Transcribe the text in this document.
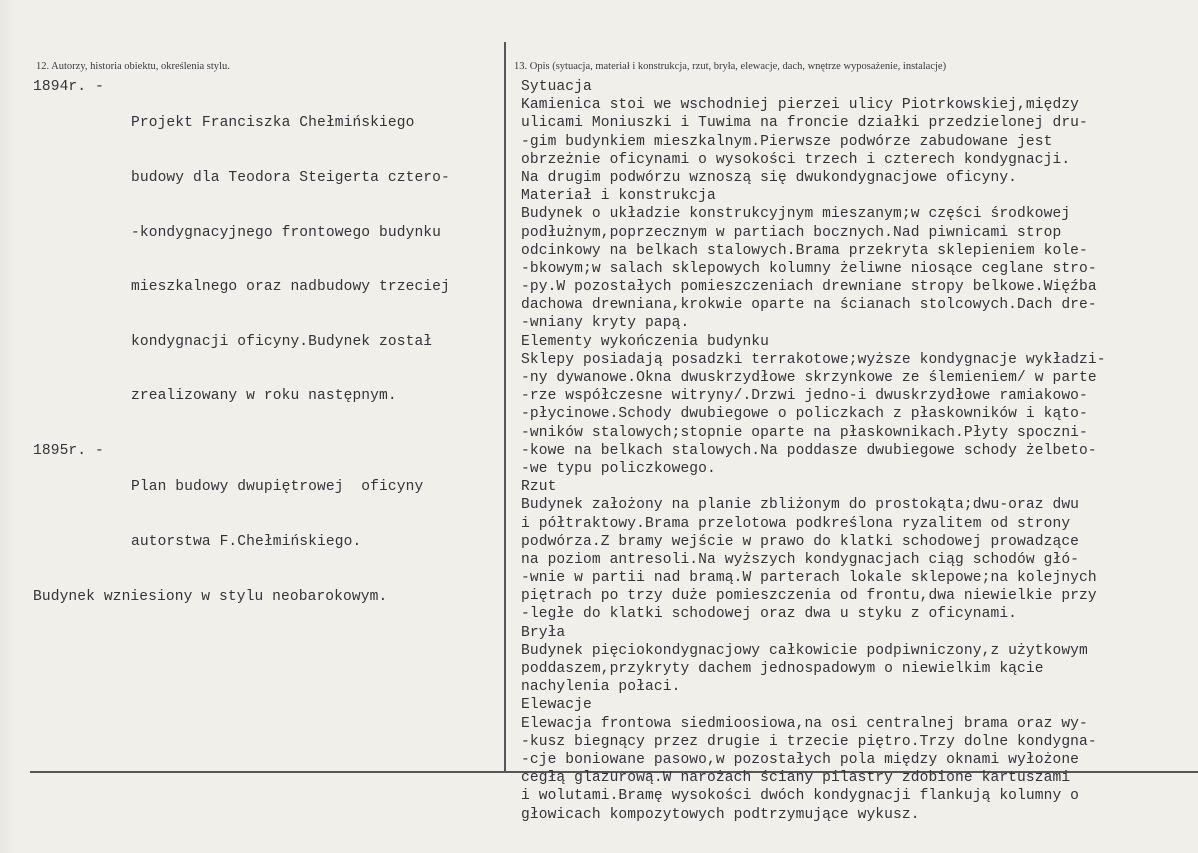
12. Autorzy, historia obiektu, określenia stylu.	13. Opis (sytuacja, materiał i konstrukcja, rzut, bryła, elewacje, dach, wnętrze wyposażenie, instalacje)
1894r. -

Projekt Franciszka Chełmińskiego

budowy dla Teodora Steigerta cztero-

-kondygnacyjnego frontowego budynku

mieszkalnego oraz nadbudowy trzeciej

kondygnacji oficyny.Budynek został

zrealizowany w roku następnym.

1895r. -

Plan budowy dwupiętrowej  oficyny

autorstwa F.Chełmińskiego.

Budynek wzniesiony w stylu neobarokowym.
Sytuacja
Kamienica stoi we wschodniej pierzei ulicy Piotrkowskiej,między
ulicami Moniuszki i Tuwima na froncie działki przedzielonej dru-
-gim budynkiem mieszkalnym.Pierwsze podwórze zabudowane jest
obrzeżnie oficynami o wysokości trzech i czterech kondygnacji.
Na drugim podwórzu wznoszą się dwukondygnacjowe oficyny.
Materiał i konstrukcja
Budynek o układzie konstrukcyjnym mieszanym;w części środkowej
podłużnym,poprzecznym w partiach bocznych.Nad piwnicami strop
odcinkowy na belkach stalowych.Brama przekryta sklepieniem kole-
-bkowym;w salach sklepowych kolumny żeliwne niosące ceglane stro-
-py.W pozostałych pomieszczeniach drewniane stropy belkowe.Więźba
dachowa drewniana,krokwie oparte na ścianach stolcowych.Dach dre-
-wniany kryty papą.
Elementy wykończenia budynku
Sklepy posiadają posadzki terrakotowe;wyższe kondygnacje wykładzi-
-ny dywanowe.Okna dwuskrzydłowe skrzynkowe ze ślemieniem/ w parte
-rze współczesne witryny/.Drzwi jedno-i dwuskrzydłowe ramiakowo-
-płycinowe.Schody dwubiegowe o policzkach z płaskowników i kąto-
-wników stalowych;stopnie oparte na płaskownikach.Płyty spoczni-
-kowe na belkach stalowych.Na poddasze dwubiegowe schody żelbeto-
-we typu policzkowego.
Rzut
Budynek założony na planie zbliżonym do prostokąta;dwu-oraz dwu
i półtraktowy.Brama przelotowa podkreślona ryzalitem od strony
podwórza.Z bramy wejście w prawo do klatki schodowej prowadzące
na poziom antresoli.Na wyższych kondygnacjach ciąg schodów głó-
-wnie w partii nad bramą.W parterach lokale sklepowe;na kolejnych
piętrach po trzy duże pomieszczenia od frontu,dwa niewielkie przy
-ległe do klatki schodowej oraz dwa u styku z oficynami.
Bryła
Budynek pięciokondygnacjowy całkowicie podpiwniczony,z użytkowym
poddaszem,przykryty dachem jednospadowym o niewielkim kącie
nachylenia połaci.
Elewacje
Elewacja frontowa siedmioosiowa,na osi centralnej brama oraz wy-
-kusz biegnący przez drugie i trzecie piętro.Trzy dolne kondygna-
-cje boniowane pasowo,w pozostałych pola między oknami wyłożone
cegłą glazurową.W narożach ściany pilastry zdobione kartuszami
i wolutami.Bramę wysokości dwóch kondygnacji flankują kolumny o
głowicach kompozytowych podtrzymujące wykusz.
